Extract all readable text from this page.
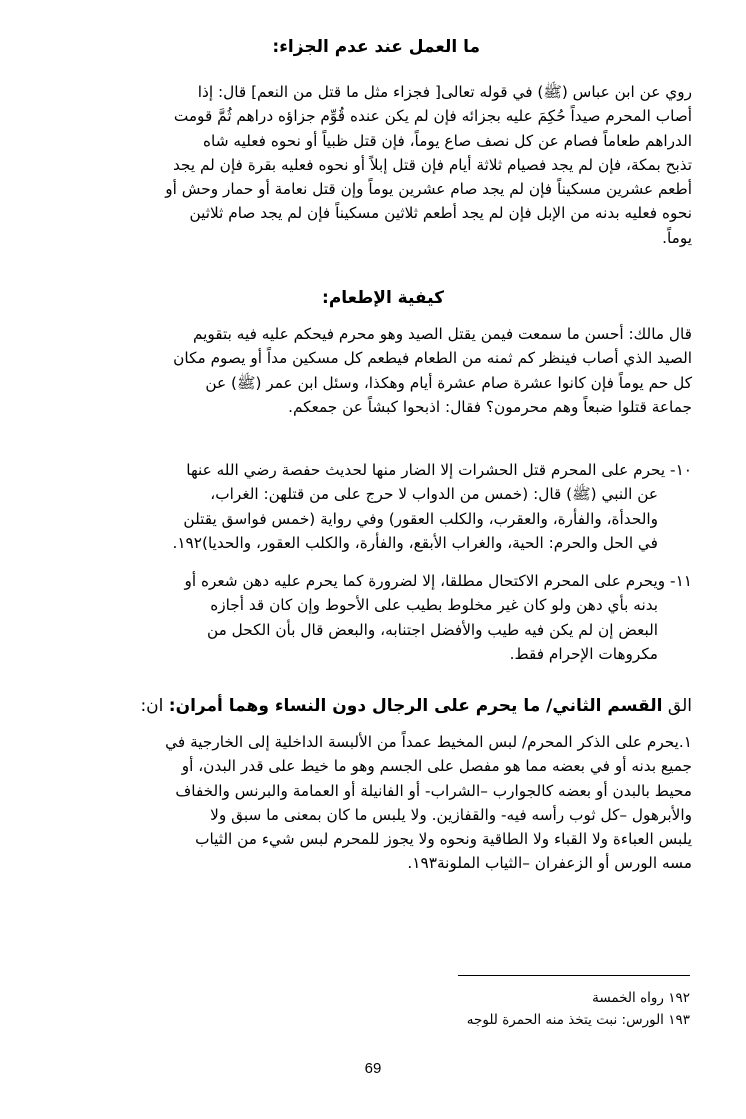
ما العمل عند عدم الجزاء:
روي عن ابن عباس (ﷺ) في قوله تعالى[ فجزاء مثل ما قتل من النعم] قال: إذا
أصاب المحرم صيداً حُكِمَ عليه بجزائه فإن لم يكن عنده قُوِّم جزاؤه دراهم ثُمَّ قومت
الدراهم طعاماً فصام عن كل نصف صاع يوماً، فإن قتل ظبياً أو نحوه فعليه شاه
تذبح بمكة، فإن لم يجد فصيام ثلاثة أيام فإن قتل إبلاً أو نحوه فعليه بقرة فإن لم يجد
أطعم عشرين مسكيناً فإن لم يجد صام عشرين يوماً وإن قتل نعامة أو حمار وحش أو
نحوه فعليه بدنه من الإبل فإن لم يجد أطعم ثلاثين مسكيناً فإن لم يجد صام ثلاثين
يوماً.
كيفية الإطعام:
قال مالك: أحسن ما سمعت فيمن يقتل الصيد وهو محرم فيحكم عليه فيه بتقويم
الصيد الذي أصاب فينظر كم ثمنه من الطعام فيطعم كل مسكين مداً أو يصوم مكان
كل حم يوماً فإن كانوا عشرة صام عشرة أيام وهكذا، وسئل ابن عمر (ﷺ) عن
جماعة قتلوا ضبعاً وهم محرمون؟ فقال: اذبحوا كبشاً عن جمعكم.
١٠- يحرم على المحرم قتل الحشرات إلا الضار منها لحديث حفصة رضي الله عنها
عن النبي (ﷺ) قال: (خمس من الدواب لا حرج على من قتلهن: الغراب،
والحدأة، والفأرة، والعقرب، والكلب العقور) وفي رواية (خمس فواسق يقتلن
في الحل والحرم: الحية، والغراب الأبقع، والفأرة، والكلب العقور، والحديا)١٩٢.
١١- ويحرم على المحرم الاكتحال مطلقا، إلا لضرورة كما يحرم عليه دهن شعره أو
بدنه بأي دهن ولو كان غير مخلوط بطيب على الأحوط وإن كان قد أجازه
البعض إن لم يكن فيه طيب والأفضل اجتنابه، والبعض قال بأن الكحل من
مكروهات الإحرام فقط.
الق القسم الثاني/ ما يحرم على الرجال دون النساء وهما أمران: ان:
١.يحرم على الذكر المحرم/ لبس المخيط عمداً من الألبسة الداخلية إلى الخارجية في
جميع بدنه أو في بعضه مما هو مفصل على الجسم وهو ما خيط على قدر البدن، أو
محيط بالبدن أو بعضه كالجوارب –الشراب- أو الفانيلة أو العمامة والبرنس والخفاف
والأبرهول –كل ثوب رأسه فيه- والقفازين. ولا يلبس ما كان بمعنى ما سبق ولا
يلبس العباءة ولا القباء ولا الطاقية ونحوه ولا يجوز للمحرم لبس شيء من الثياب
مسه الورس أو الزعفران –الثياب الملونة١٩٣.
١٩٢ رواه الخمسة
١٩٣ الورس: نبت يتخذ منه الحمرة للوجه
69
